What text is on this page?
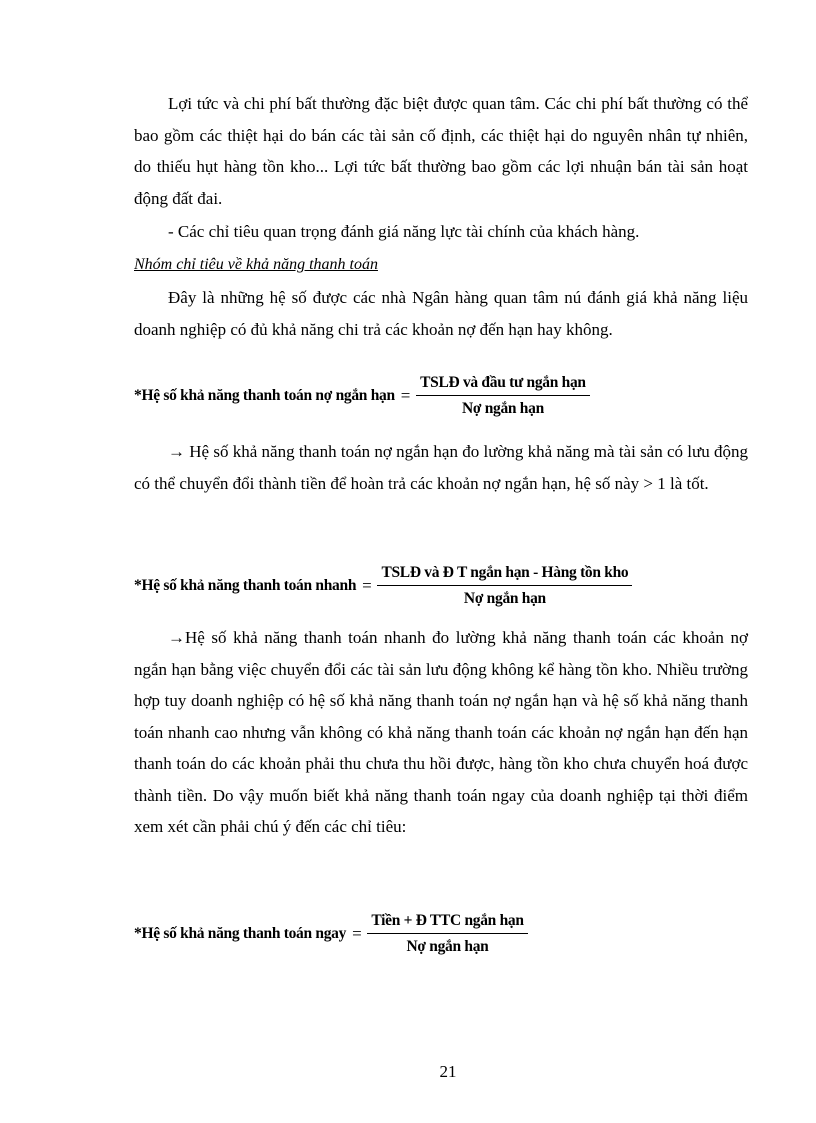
Lợi tức và chi phí bất thường đặc biệt được quan tâm. Các chi phí bất thường có thể bao gồm các thiệt hại do bán các tài sản cố định, các thiệt hại do nguyên nhân tự nhiên, do thiếu hụt hàng tồn kho... Lợi tức bất thường bao gồm các lợi nhuận bán tài sản hoạt động đất đai.

- Các chỉ tiêu quan trọng đánh giá năng lực tài chính của khách hàng.

Nhóm chỉ tiêu về khả năng thanh toán

Đây là những hệ số được các nhà Ngân hàng quan tâm nú đánh giá khả năng liệu doanh nghiệp có đủ khả năng chi trả các khoản nợ đến hạn hay không.

*Hệ số khả năng thanh toán nợ ngắn hạn = $\frac{\text{TSLĐ và đầu tư ngắn hạn}}{\text{Nợ ngắn hạn}}$

→ Hệ số khả năng thanh toán nợ ngắn hạn đo lường khả năng mà tài sản có lưu động có thể chuyển đổi thành tiền để hoàn trả các khoản nợ ngắn hạn, hệ số này > 1 là tốt.

*Hệ số khả năng thanh toán nhanh = $\frac{\text{TSLĐ và Đ T ngắn hạn - Hàng tồn kho}}{\text{Nợ ngắn hạn}}$

→Hệ số khả năng thanh toán nhanh đo lường khả năng thanh toán các khoản nợ ngắn hạn bằng việc chuyển đổi các tài sản lưu động không kể hàng tồn kho. Nhiều trường hợp tuy doanh nghiệp có hệ số khả năng thanh toán nợ ngắn hạn và hệ số khả năng thanh toán nhanh cao nhưng vẫn không có khả năng thanh toán các khoản nợ ngắn hạn đến hạn thanh toán do các khoản phải thu chưa thu hồi được, hàng tồn kho chưa chuyển hoá được thành tiền. Do vậy muốn biết khả năng thanh toán ngay của doanh nghiệp tại thời điểm xem xét cần phải chú ý đến các chỉ tiêu:

*Hệ số khả năng thanh toán ngay = $\frac{\text{Tiền + Đ TTC ngắn hạn}}{\text{Nợ ngắn hạn}}$
21
